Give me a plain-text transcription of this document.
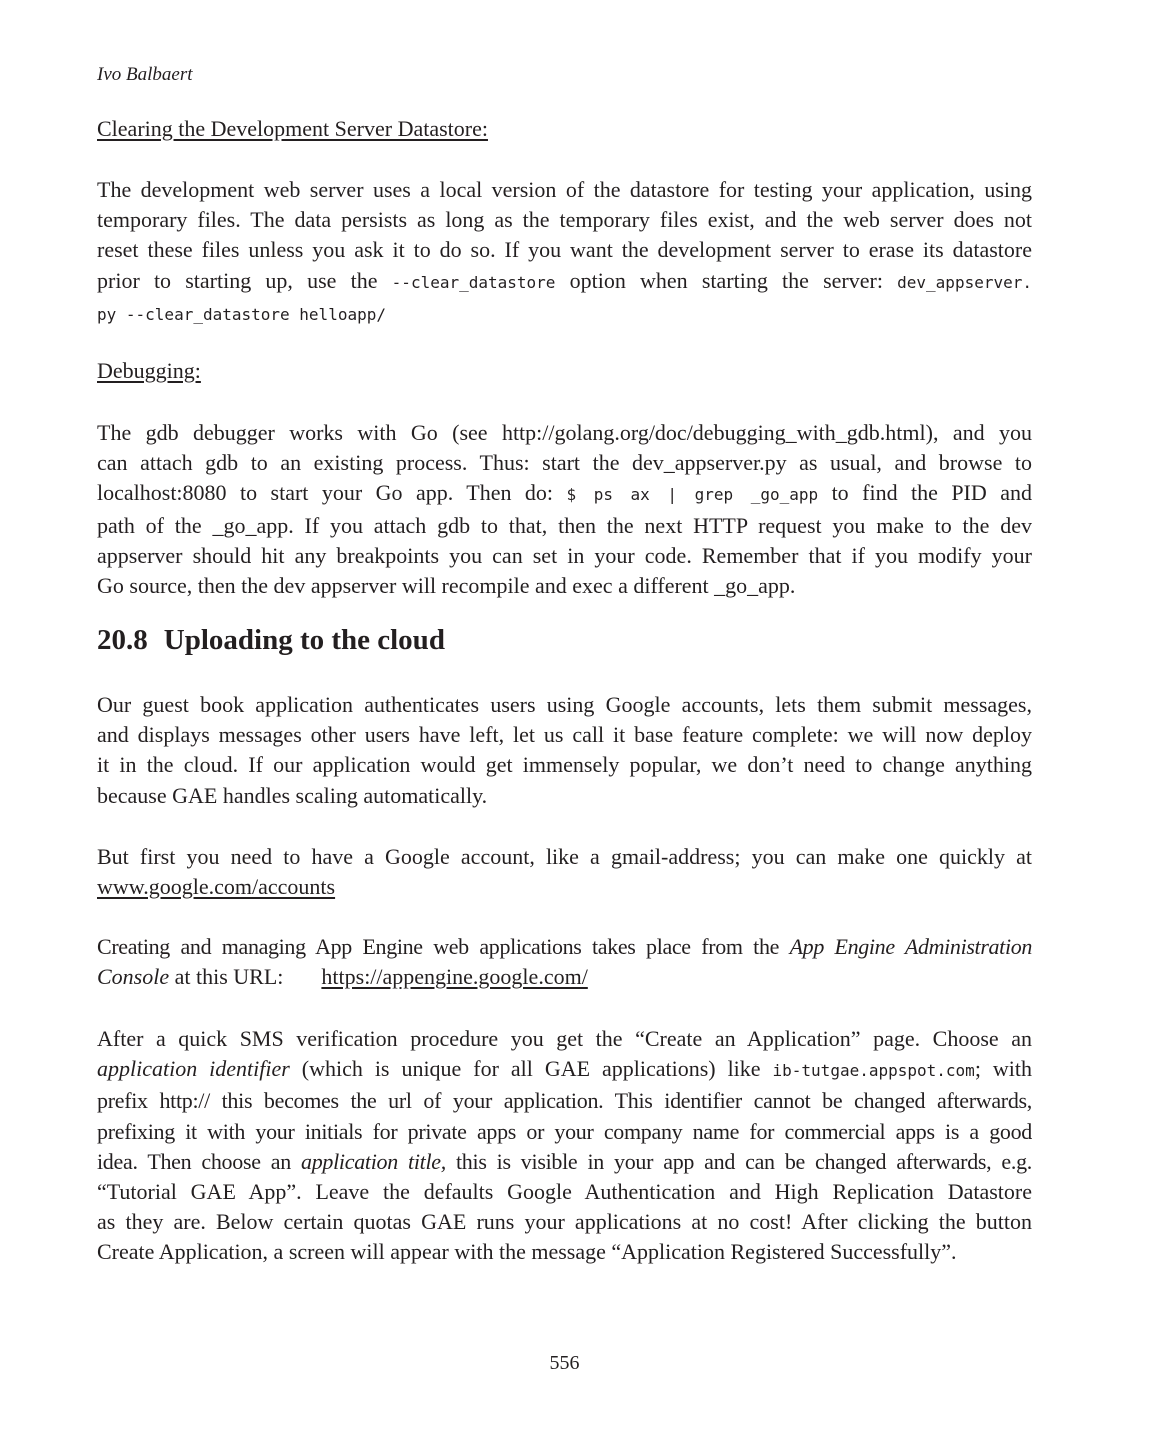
Ivo Balbaert
Clearing the Development Server Datastore:
The development web server uses a local version of the datastore for testing your application, using
temporary files. The data persists as long as the temporary files exist, and the web server does not
reset these files unless you ask it to do so. If you want the development server to erase its datastore
prior to starting up, use the --clear_datastore option when starting the server: dev_appserver.
py --clear_datastore helloapp/
Debugging:
The gdb debugger works with Go (see http://golang.org/doc/debugging_with_gdb.html), and you
can attach gdb to an existing process. Thus: start the dev_appserver.py as usual, and browse to
localhost:8080 to start your Go app. Then do: $ ps ax | grep _go_app to find the PID and
path of the _go_app. If you attach gdb to that, then the next HTTP request you make to the dev
appserver should hit any breakpoints you can set in your code. Remember that if you modify your
Go source, then the dev appserver will recompile and exec a different _go_app.
20.8 Uploading to the cloud
Our guest book application authenticates users using Google accounts, lets them submit messages,
and displays messages other users have left, let us call it base feature complete: we will now deploy
it in the cloud. If our application would get immensely popular, we don’t need to change anything
because GAE handles scaling automatically.
But first you need to have a Google account, like a gmail-address; you can make one quickly at
www.google.com/accounts
Creating and managing App Engine web applications takes place from the App Engine Administration
Console at this URL: https://appengine.google.com/
After a quick SMS verification procedure you get the “Create an Application” page. Choose an
application identifier (which is unique for all GAE applications) like ib-tutgae.appspot.com; with
prefix http:// this becomes the url of your application. This identifier cannot be changed afterwards,
prefixing it with your initials for private apps or your company name for commercial apps is a good
idea. Then choose an application title, this is visible in your app and can be changed afterwards, e.g.
“Tutorial GAE App”. Leave the defaults Google Authentication and High Replication Datastore
as they are. Below certain quotas GAE runs your applications at no cost! After clicking the button
Create Application, a screen will appear with the message “Application Registered Successfully”.
556
